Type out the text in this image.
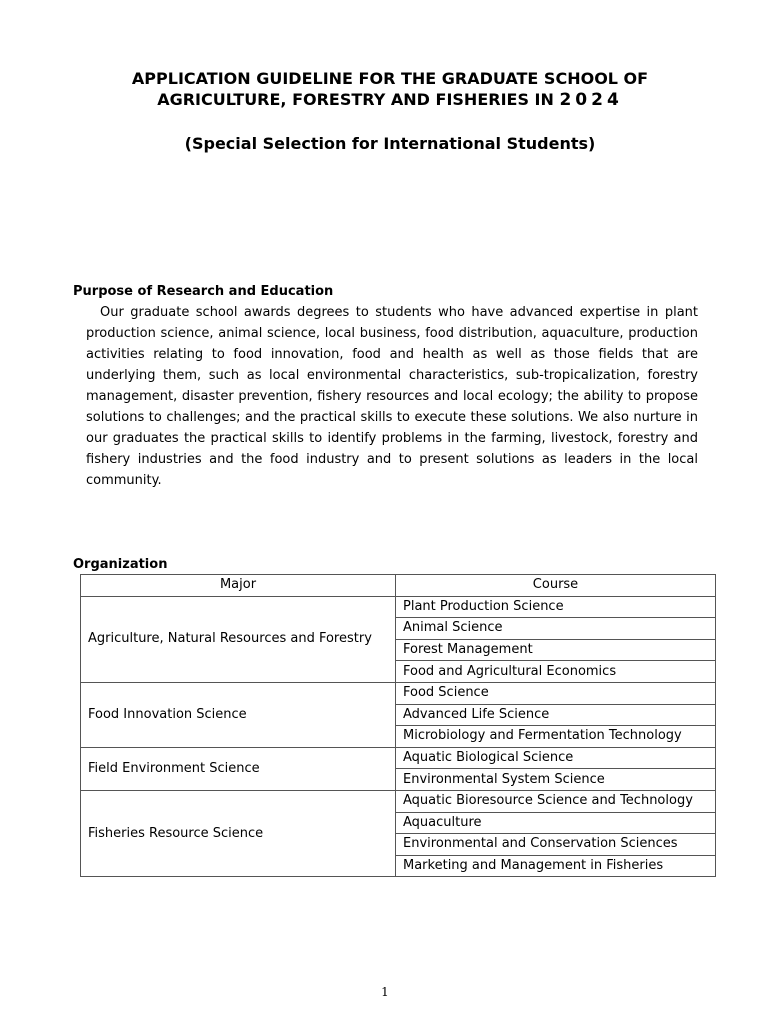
APPLICATION GUIDELINE FOR THE GRADUATE SCHOOL OF
AGRICULTURE, FORESTRY AND FISHERIES IN 2024
(Special Selection for International Students)
Purpose of Research and Education
Our graduate school awards degrees to students who have advanced expertise in plant production science, animal science, local business, food distribution, aquaculture, production activities relating to food innovation, food and health as well as those fields that are underlying them, such as local environmental characteristics, sub-tropicalization, forestry management, disaster prevention, fishery resources and local ecology; the ability to propose solutions to challenges; and the practical skills to execute these solutions. We also nurture in our graduates the practical skills to identify problems in the farming, livestock, forestry and fishery industries and the food industry and to present solutions as leaders in the local community.
Organization
Major	Course
Agriculture, Natural Resources and Forestry	Plant Production Science
	Animal Science
	Forest Management
	Food and Agricultural Economics
Food Innovation Science	Food Science
	Advanced Life Science
	Microbiology and Fermentation Technology
Field Environment Science	Aquatic Biological Science
	Environmental System Science
Fisheries Resource Science	Aquatic Bioresource Science and Technology
	Aquaculture
	Environmental and Conservation Sciences
	Marketing and Management in Fisheries
1
